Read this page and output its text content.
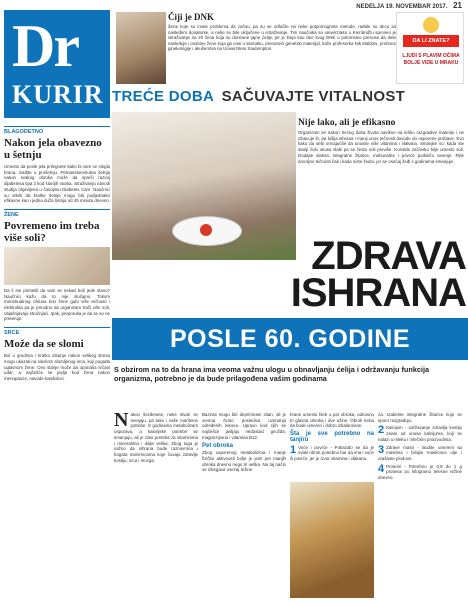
NEDELJA 19. NOVEMBAR 2017. 21
Dr
KURIR
Čiji je DNK
Žene koje su imale problema da začnu, pa su se odlučile na neke potpomognute metode, rađale su decu sa nasleđem donatorke, a neke su bile uključene u istraživanje. Tim naučnika sa univerziteta u Kembridžu sproveo je istraživanje na 20 žena koja su donirane jajne ćelije, jer je Deja kao deo svog DNK u potomstvo prenose da dete nasleđuje i osobine žene koja ga nosi u stomaku, prenoseći genetski materijal, kaže profesorka Nik Makloni, profesor ginekologije i akušerstva na Univerzitetu Sautempton.
DA LI ZNATE?
LJUDI S PLAVIM OČIMA BOLJE VIDE U MRAKU
TREĆE DOBA SAČUVAJTE VITALNOST
BLAGODETNO
Nakon jela obavezno u šetnju
Umesto da posle jela prilegnete kako bi vam se slegla hrana, izađite u prošetnju. Petnaestominutna šetnja nakon svakog obroka može da spreči razvoj dijabetesa tipa 2 kod starijih osoba, istraživanju navodi studija objavljena u časopisu Diabetes Care. Naučnici su otkrili da kratke šetnje mogu biti podjednako efikasne kao i jedna duža šetnja od 45 minuta dnevno.
ŽENE
Povremeno im treba više soli?
Da li ste primetili da vam se nekad baš jede slano? Naučnici kažu da to nije slučajno. Tokom menstrualnog ciklusa telo žene gubi više tečnosti i elektrolita pa je prirodno da organizam traži više soli, objašnjavaju stručnjaci. Ipak, preporuka je da se so ne preteruje.
SRCE
Može da se slomi
Bol u grudima i kratko disanje nakon velikog stresa mogu ukazati na sindrom slomljenog srca, koji pogađa uglavnom žene. Ovo stanje može da oponaša srčani udar, a najčešće se javlja kod žena nakon menopauze, navode kardiolozi.
Nije lako, ali je efikasno
Organizam se nakon trećeg doba života navikne na teško razgradive materije i ne izbacuje ih, pa lošija ishrana i manji unos tečnosti dovode do usporene probave. Evo kako da sebi omogućite da unosite više vitamina i vlakana. Smanjite so: kada ste stariji čulo ukusa slabi pa se često soli previše. Koristite začinsko bilje umesto soli. Dodajte vlakna: integralne žitarice, mahunarke i povrće podstiču varenje. Pijte dovoljno tečnosti čak i kada niste žedni, jer se osećaj žeđi s godinama smanjuje.
ZDRAVA
ISHRANA
POSLE 60. GODINE
S obzirom na to da hrana ima veoma važnu ulogu u obnavljanju ćelija i održavanju funkcija organizma, potrebno je da bude prilagođena vašim godinama
N akon šezdesete, neke stvari se menjaju, pa tako i vaše nutritivne potrebe. S godinama metabolizam usporava, a kalorijske potrebe se smanjuju, ali je zato potreba za vitaminima i mineralima i dalje velika. Zbog toga je važno da ishrana bude raznovrsna i bogata namirnicama koje čuvaju zdravlje kostiju, srca i mozga.
Bazirati mogu biti deprimirani sitan, ali je veoma često posledica uzimanja određenih lekova. Upravo kod njih se najčešće javljaju nedostaci gvožđa, magnezijuma i vitamina B12.
Pet obroka
Zbog usporenog metabolizma i manje fizičke aktivnosti bolje je jesti pet manjih obroka dnevno nego tri velika. Na taj način se izbegava osećaj težine.
hrane umesto hleb u pet obroka, odnosno tri glavna obroka i dve užine. Obrok treba da bude umeren i dobro izbalansiran.
Šta je sve potrebno na tanjiru
1 Voće i povrće - Pokazalo se da je svaki obrok potrebno bar da ima i voće ili povrće, jer je izvor vitamina i vlakana.
ća. Izaberite integralne žitarice koje se sporo razgrađuju.
2 Kalcijum - održavanje zdravlja kostiju zavisi od unosa kalcijuma, koji se nalazi u mleku i mlečnim proizvodima.
3 Zdrave masti - Budite umereni sa mastima i birajte maslinovo ulje i orašaste plodove.
4 Proteini - Potrebno je 0,8 do 1 g proteina po kilogramu telesne težine dnevno.
